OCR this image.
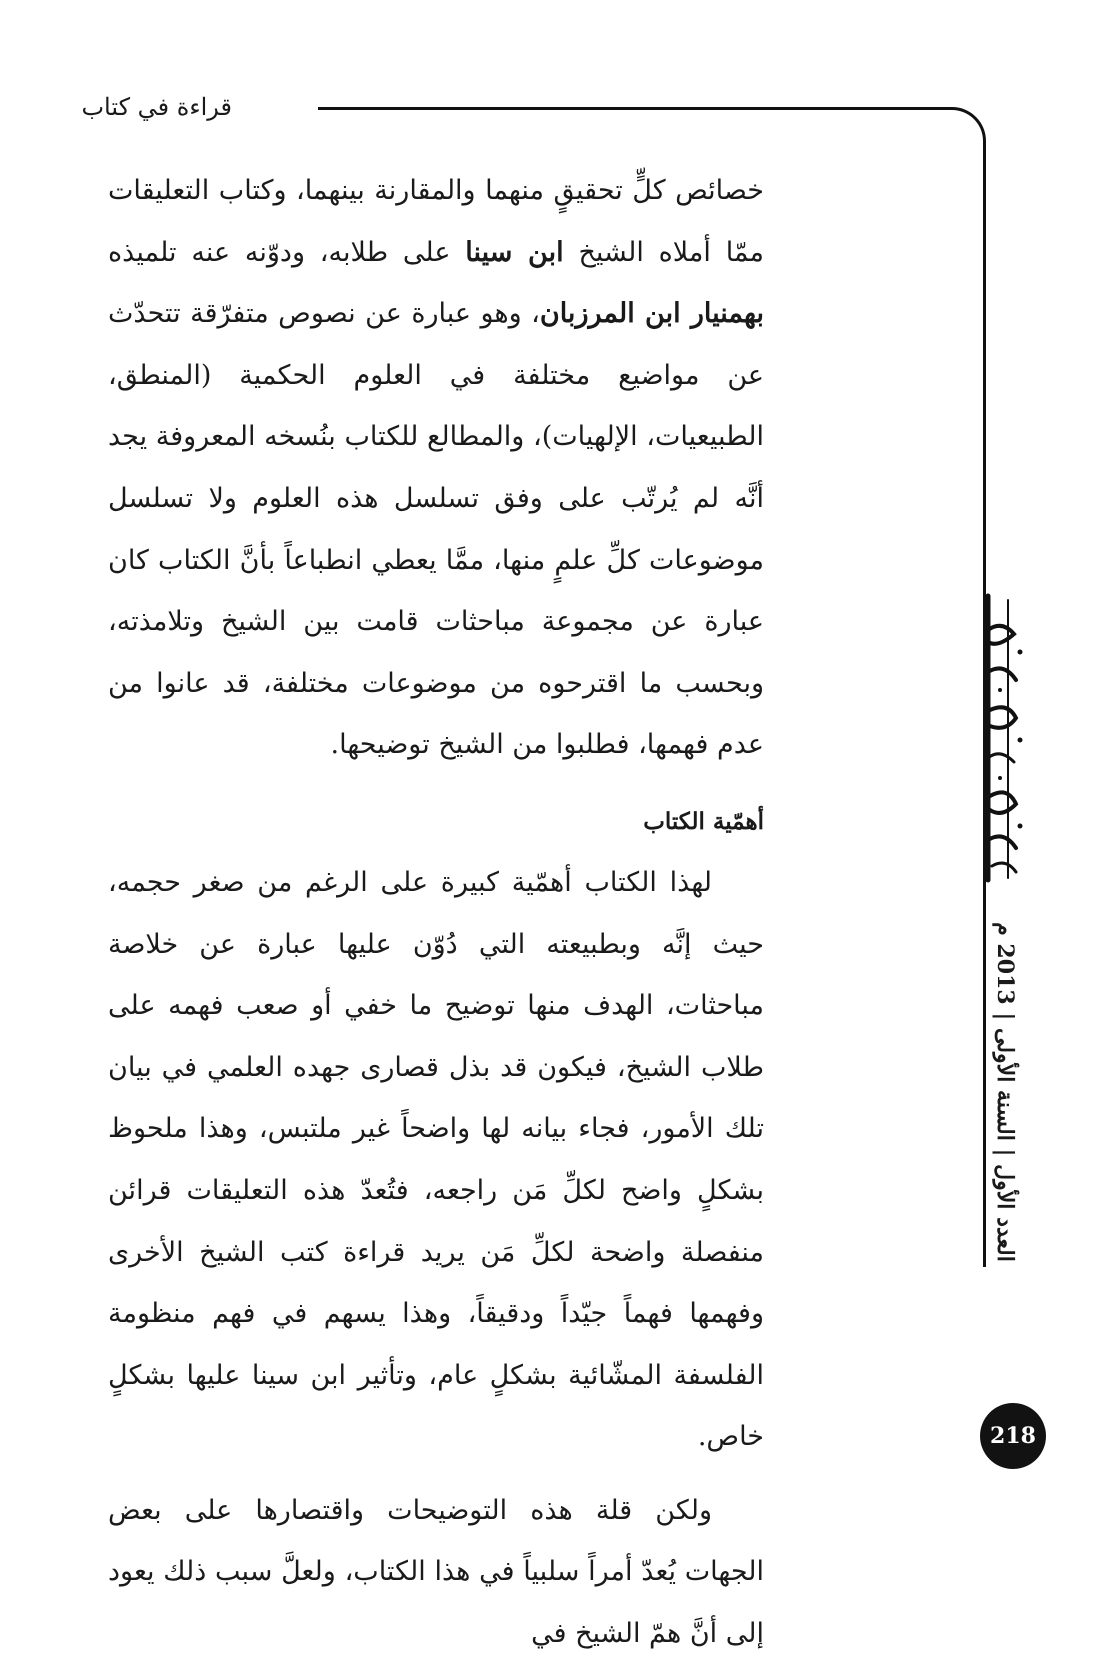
قراءة في كتاب

خصائص كلٍّ تحقيقٍ منهما والمقارنة بينهما، وكتاب التعليقات ممّا أملاه الشيخ ابن سينا على طلابه، ودوّنه عنه تلميذه بهمنيار ابن المرزبان، وهو عبارة عن نصوص متفرّقة تتحدّث عن مواضيع مختلفة في العلوم الحكمية (المنطق، الطبيعيات، الإلهيات)، والمطالع للكتاب بنُسخه المعروفة يجد أنَّه لم يُرتّب على وفق تسلسل هذه العلوم ولا تسلسل موضوعات كلِّ علمٍ منها، ممَّا يعطي انطباعاً بأنَّ الكتاب كان عبارة عن مجموعة مباحثات قامت بين الشيخ وتلامذته، وبحسب ما اقترحوه من موضوعات مختلفة، قد عانوا من عدم فهمها، فطلبوا من الشيخ توضيحها.

أهمّية الكتاب

لهذا الكتاب أهمّية كبيرة على الرغم من صغر حجمه، حيث إنَّه وبطبيعته التي دُوّن عليها عبارة عن خلاصة مباحثات، الهدف منها توضيح ما خفي أو صعب فهمه على طلاب الشيخ، فيكون قد بذل قصارى جهده العلمي في بيان تلك الأمور، فجاء بيانه لها واضحاً غير ملتبس، وهذا ملحوظ بشكلٍ واضح لكلِّ مَن راجعه، فتُعدّ هذه التعليقات قرائن منفصلة واضحة لكلِّ مَن يريد قراءة كتب الشيخ الأخرى وفهمها فهماً جيّداً ودقيقاً، وهذا يسهم في فهم منظومة الفلسفة المشّائية بشكلٍ عام، وتأثير ابن سينا عليها بشكلٍ خاص.

ولكن قلة هذه التوضيحات واقتصارها على بعض الجهات يُعدّ أمراً سلبياً في هذا الكتاب، ولعلَّ سبب ذلك يعود إلى أنَّ همّ الشيخ في

الإستغراب
العدد الأول | السنة الأولى | 2013 م
218
